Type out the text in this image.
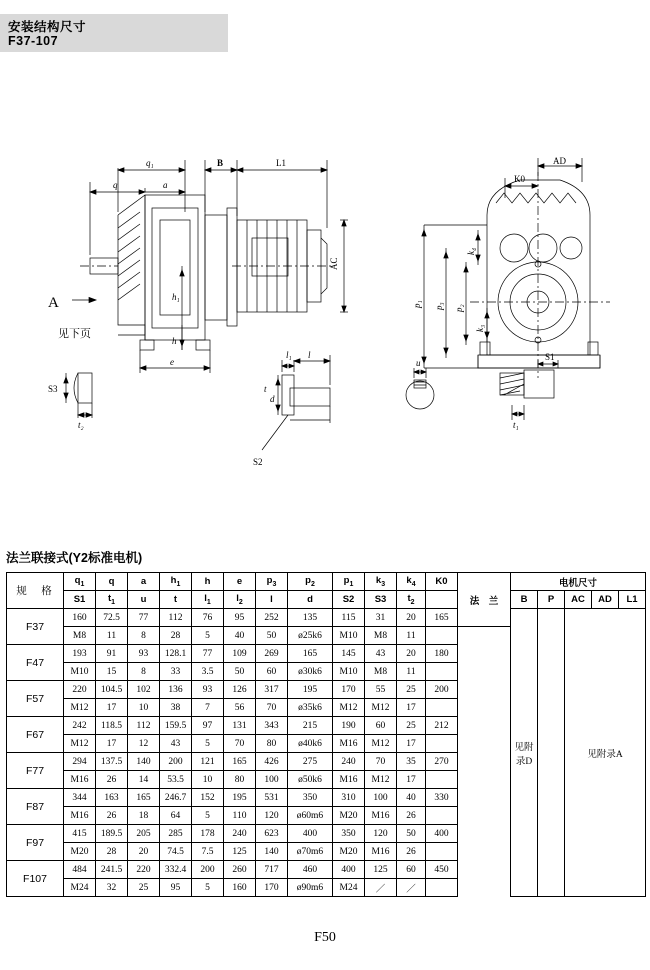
安装结构尺寸
F37-107
q₁
q	a
B	L1
AC
h₁
h
e
AD
K0
k₄
k₃
p₃ p₂
p₁
S3
t₂
t
l₁ l
d
u
S1
t₁
S2
A
见下页
法兰联接式(Y2标准电机)
规　格	$q_1$	q	a	$h_1$	h	e	$p_3$	$p_2$	$p_1$	$k_3$	$k_4$	K0	法　兰	电机尺寸				
	S1	$t_1$	u	t	$l_1$	$l_2$	l	d	S2	S3	$t_2$			B	P	AC	AD	L1
F37	160	72.5	77	112	76	95	252	135	115	31	20	165		见附录D		见附录A		
	M8	11	8	28	5	40	50	ø25k6	M10	M8	11							
F47	193	91	93	128.1	77	109	269	165	145	43	20	180						
	M10	15	8	33	3.5	50	60	ø30k6	M10	M8	11							
F57	220	104.5	102	136	93	126	317	195	170	55	25	200						
	M12	17	10	38	7	56	70	ø35k6	M12	M12	17							
F67	242	118.5	112	159.5	97	131	343	215	190	60	25	212						
	M12	17	12	43	5	70	80	ø40k6	M16	M12	17							
F77	294	137.5	140	200	121	165	426	275	240	70	35	270						
	M16	26	14	53.5	10	80	100	ø50k6	M16	M12	17							
F87	344	163	165	246.7	152	195	531	350	310	100	40	330						
	M16	26	18	64	5	110	120	ø60m6	M20	M16	26							
F97	415	189.5	205	285	178	240	623	400	350	120	50	400						
	M20	28	20	74.5	7.5	125	140	ø70m6	M20	M16	26							
F107	484	241.5	220	332.4	200	260	717	460	400	125	60	450						
	M24	32	25	95	5	160	170	ø90m6	M24	／	／							
F50
